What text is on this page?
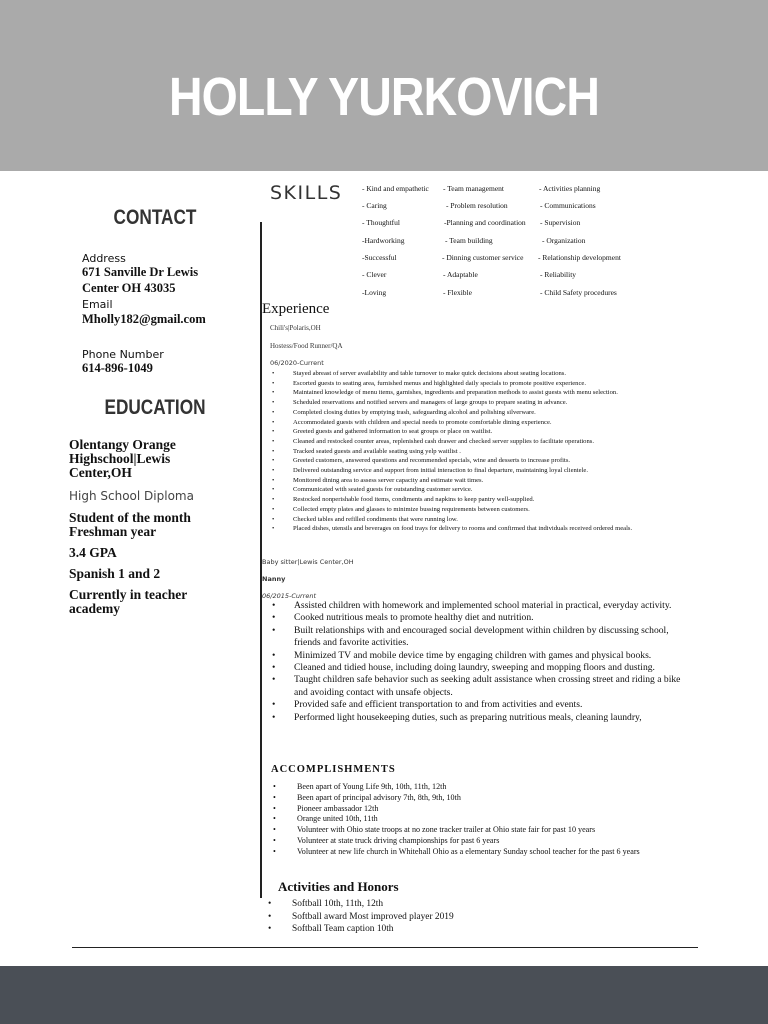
HOLLY YURKOVICH
CONTACT
Address
671 Sanville Dr Lewis
Center OH 43035
Email
Mholly182@gmail.com
Phone Number
614-896-1049
EDUCATION
Olentangy Orange
Highschool|Lewis
Center,OH
High School Diploma
Student of the month
Freshman year
3.4 GPA
Spanish 1 and 2
Currently in teacher
academy
SKILLS	- Kind and empathetic
- Caring
- Thoughtful
-Hardworking
-Successful
- Clever
-Loving
- Team management
- Problem resolution
-Planning and coordination
- Team building
- Dinning customer service
- Adaptable
- Flexible
- Activities planning
- Communications
- Supervision
- Organization
- Relationship development
- Reliability
- Child Safety procedures
Experience
Chili's|Polaris,OH
Hostess/Food Runner/QA
06/2020-Current
• Stayed abreast of server availability and table turnover to make quick decisions about seating locations.
• Escorted guests to seating area, furnished menus and highlighted daily specials to promote positive experience.
• Maintained knowledge of menu items, garnishes, ingredients and preparation methods to assist guests with menu selection.
• Scheduled reservations and notified servers and managers of large groups to prepare seating in advance.
• Completed closing duties by emptying trash, safeguarding alcohol and polishing silverware.
• Accommodated guests with children and special needs to promote comfortable dining experience.
• Greeted guests and gathered information to seat groups or place on waitlist.
• Cleaned and restocked counter areas, replenished cash drawer and checked server supplies to facilitate operations.
• Tracked seated guests and available seating using yelp waitlist .
• Greeted customers, answered questions and recommended specials, wine and desserts to increase profits.
• Delivered outstanding service and support from initial interaction to final departure, maintaining loyal clientele.
• Monitored dining area to assess server capacity and estimate wait times.
• Communicated with seated guests for outstanding customer service.
• Restocked nonperishable food items, condiments and napkins to keep pantry well-supplied.
• Collected empty plates and glasses to minimize bussing requirements between customers.
• Checked tables and refilled condiments that were running low.
• Placed dishes, utensils and beverages on food trays for delivery to rooms and confirmed that individuals received ordered meals.
Baby sitter|Lewis Center,OH
Nanny
06/2015-Current
• Assisted children with homework and implemented school material in practical, everyday activity.
• Cooked nutritious meals to promote healthy diet and nutrition.
• Built relationships with and encouraged social development within children by discussing school, friends and favorite activities.
• Minimized TV and mobile device time by engaging children with games and physical books.
• Cleaned and tidied house, including doing laundry, sweeping and mopping floors and dusting.
• Taught children safe behavior such as seeking adult assistance when crossing street and riding a bike and avoiding contact with unsafe objects.
• Provided safe and efficient transportation to and from activities and events.
• Performed light housekeeping duties, such as preparing nutritious meals, cleaning laundry,
ACCOMPLISHMENTS
• Been apart of Young Life 9th, 10th, 11th, 12th
• Been apart of principal advisory 7th, 8th, 9th, 10th
• Pioneer ambassador 12th
• Orange united 10th, 11th
• Volunteer with Ohio state troops at no zone tracker trailer at Ohio state fair for past 10 years
• Volunteer at state truck driving championships for past 6 years
• Volunteer at new life church in Whitehall Ohio as a elementary Sunday school teacher for the past 6 years
Activities and Honors
• Softball 10th, 11th, 12th
• Softball award Most improved player 2019
• Softball Team caption 10th
